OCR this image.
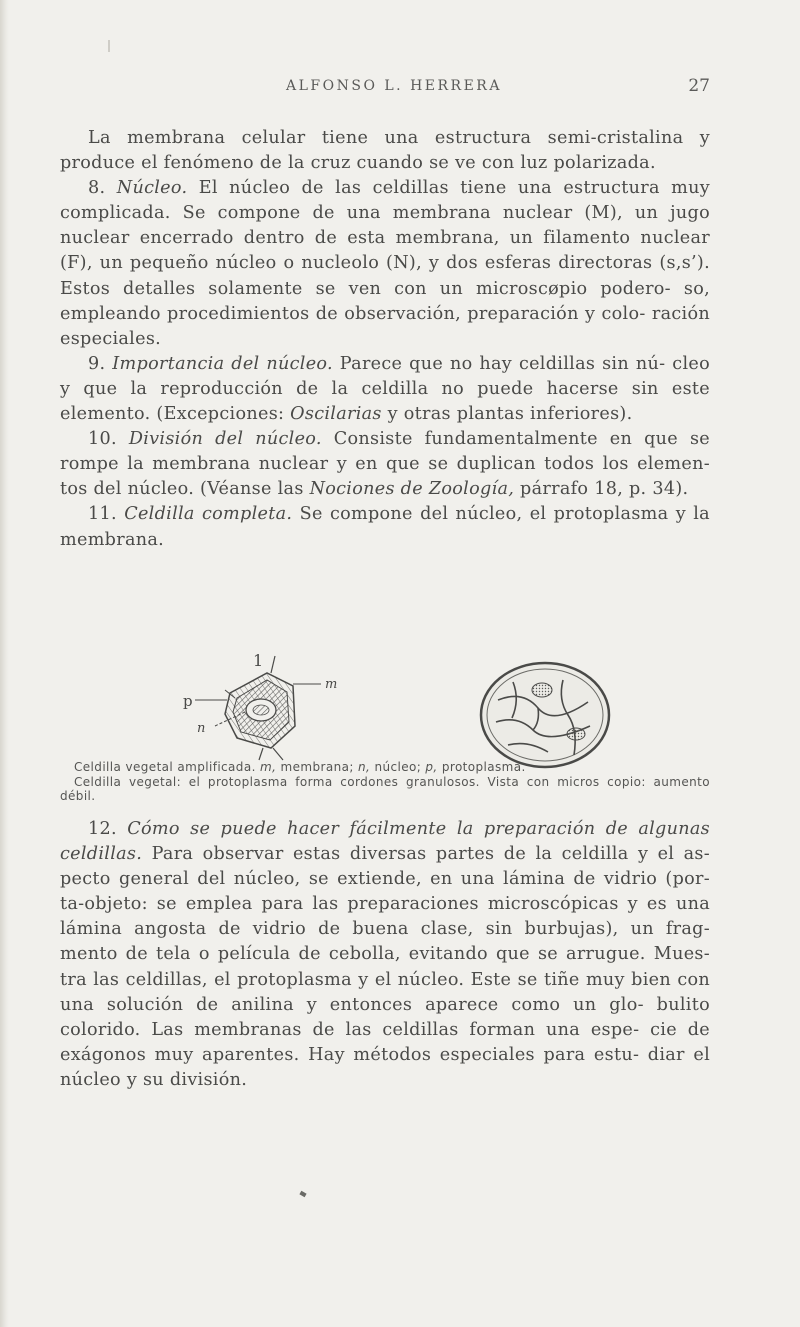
ALFONSO L. HERRERA	27

La membrana celular tiene una estructura semi-cristalina y produce el fenómeno de la cruz cuando se ve con luz polarizada.

8. Núcleo. El núcleo de las celdillas tiene una estructura muy complicada. Se compone de una membrana nuclear (M), un jugo nuclear encerrado dentro de esta membrana, un filamento nuclear (F), un pequeño núcleo o nucleolo (N), y dos esferas directoras (s,s’). Estos detalles solamente se ven con un microscøpio podero- so, empleando procedimientos de observación, preparación y colo- ración especiales.

9. Importancia del núcleo. Parece que no hay celdillas sin nú- cleo y que la reproducción de la celdilla no puede hacerse sin este elemento. (Excepciones: Oscilarias y otras plantas inferiores).

10. División del núcleo. Consiste fundamentalmente en que se rompe la membrana nuclear y en que se duplican todos los elemen- tos del núcleo. (Véanse las Nociones de Zoología, párrafo 18, p. 34).

11. Celdilla completa. Se compone del núcleo, el protoplasma y la membrana.

1
m
p
n

Celdilla vegetal amplificada. m, membrana; n, núcleo; p, protoplasma.

Celdilla vegetal: el protoplasma forma cordones granulosos. Vista con micros copio: aumento débil.

12. Cómo se puede hacer fácilmente la preparación de algunas celdillas. Para observar estas diversas partes de la celdilla y el as- pecto general del núcleo, se extiende, en una lámina de vidrio (por- ta-objeto: se emplea para las preparaciones microscópicas y es una lámina angosta de vidrio de buena clase, sin burbujas), un frag- mento de tela o película de cebolla, evitando que se arrugue. Mues- tra las celdillas, el protoplasma y el núcleo. Este se tiñe muy bien con una solución de anilina y entonces aparece como un glo- bulito colorido. Las membranas de las celdillas forman una espe- cie de exágonos muy aparentes. Hay métodos especiales para estu- diar el núcleo y su división.
